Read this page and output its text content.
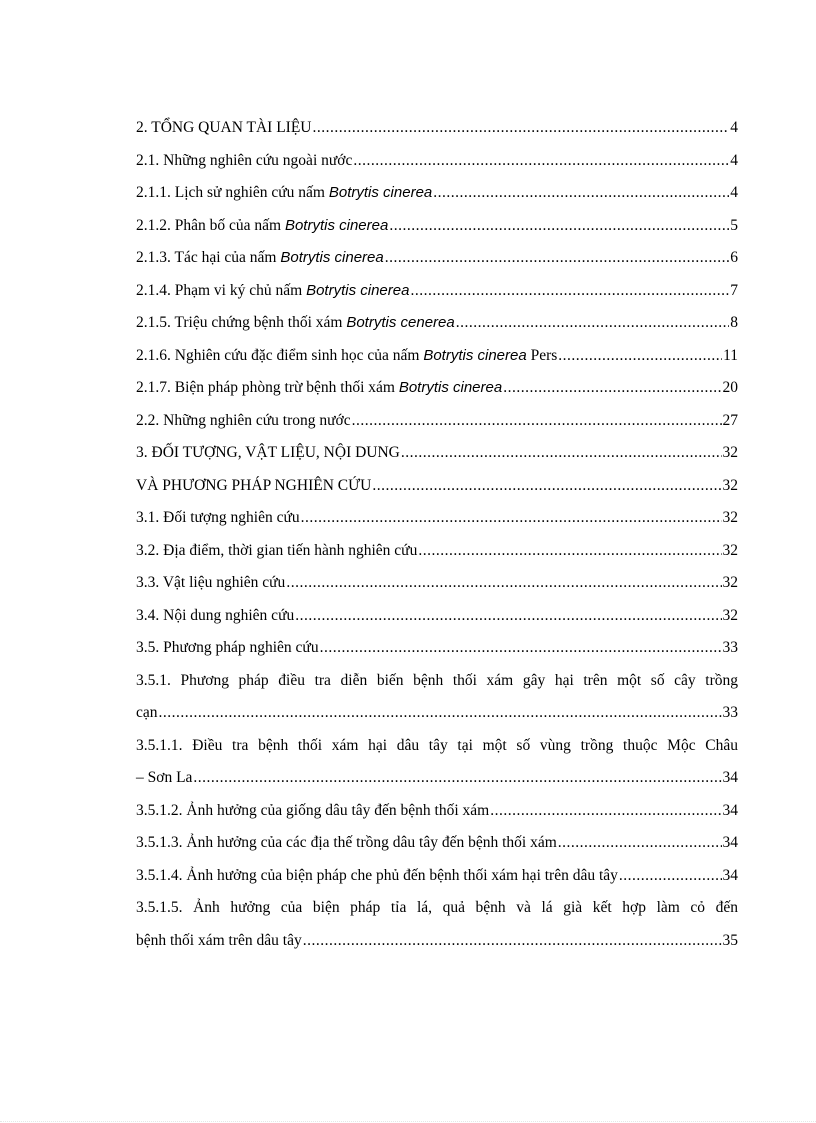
2. TỔNG QUAN TÀI LIỆU .....	4
2.1. Những nghiên cứu ngoài nước .....	4
2.1.1. Lịch sử nghiên cứu nấm Botrytis cinerea .....	4
2.1.2. Phân bố của nấm Botrytis cinerea .....	5
2.1.3. Tác hại của nấm Botrytis cinerea .....	6
2.1.4. Phạm vi ký chủ nấm Botrytis cinerea .....	7
2.1.5. Triệu chứng bệnh thối xám Botrytis cenerea .....	8
2.1.6. Nghiên cứu đặc điểm sinh học của nấm Botrytis cinerea Pers .....	11
2.1.7. Biện pháp phòng trừ bệnh thối xám Botrytis cinerea .....	20
2.2. Những nghiên cứu trong nước .....	27
3. ĐỐI TƯỢNG, VẬT LIỆU, NỘI DUNG .....	32
VÀ PHƯƠNG PHÁP NGHIÊN CỨU .....	32
3.1. Đối tượng nghiên cứu .....	32
3.2. Địa điểm, thời gian tiến hành nghiên cứu .....	32
3.3. Vật liệu nghiên cứu .....	32
3.4. Nội dung nghiên cứu .....	32
3.5. Phương pháp nghiên cứu .....	33
3.5.1. Phương pháp điều tra diễn biến bệnh thối xám gây hại trên một số cây trồng
cạn .....	33
3.5.1.1. Điều tra bệnh thối xám hại dâu tây tại một số vùng trồng thuộc Mộc Châu
– Sơn La .....	34
3.5.1.2. Ảnh hưởng của giống dâu tây đến bệnh thối xám .....	34
3.5.1.3. Ảnh hưởng của các địa thế trồng dâu tây đến bệnh thối xám .....	34
3.5.1.4. Ảnh hưởng của biện pháp che phủ đến bệnh thối xám hại trên dâu tây .....	34
3.5.1.5. Ảnh hưởng của biện pháp tỉa lá, quả bệnh và lá già kết hợp làm cỏ đến
bệnh thối xám trên dâu tây .....	35
